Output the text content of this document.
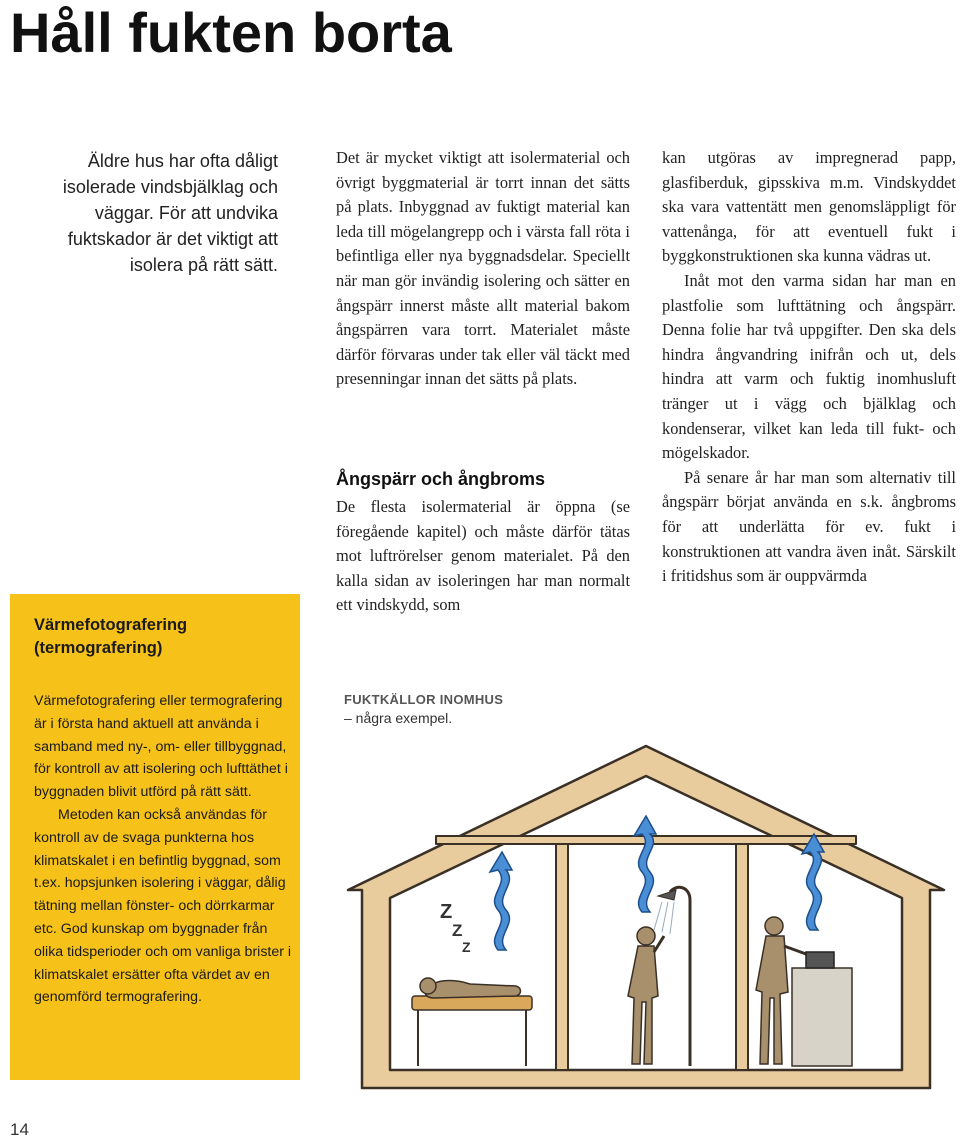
Håll fukten borta

Äldre hus har ofta dåligt isolerade vindsbjälklag och väggar. För att undvika fuktskador är det viktigt att isolera på rätt sätt.

Det är mycket viktigt att isolermaterial och övrigt byggmaterial är torrt innan det sätts på plats. Inbyggnad av fuktigt material kan leda till mögelangrepp och i värsta fall röta i befintliga eller nya byggnadsdelar. Speciellt när man gör invändig isolering och sätter en ångspärr innerst måste allt material bakom ångspärren vara torrt. Materialet måste därför förvaras under tak eller väl täckt med presenningar innan det sätts på plats.

Ångspärr och ångbroms

De flesta isolermaterial är öppna (se föregående kapitel) och måste därför tätas mot luftrörelser genom materialet. På den kalla sidan av isoleringen har man normalt ett vindskydd, som

kan utgöras av impregnerad papp, glasfiberduk, gipsskiva m.m. Vindskyddet ska vara vattentätt men genomsläppligt för vattenånga, för att eventuell fukt i byggkonstruktionen ska kunna vädras ut.

Inåt mot den varma sidan har man en plastfolie som lufttätning och ångspärr. Denna folie har två uppgifter. Den ska dels hindra ångvandring inifrån och ut, dels hindra att varm och fuktig inomhusluft tränger ut i vägg och bjälklag och kondenserar, vilket kan leda till fukt- och mögelskador.

På senare år har man som alternativ till ångspärr börjat använda en s.k. ångbroms för att underlätta för ev. fukt i konstruktionen att vandra även inåt. Särskilt i fritidshus som är ouppvärmda

Värmefotografering
(termografering)

Värmefotografering eller termografering är i första hand aktuell att använda i samband med ny-, om- eller tillbyggnad, för kontroll av att isolering och lufttäthet i byggnaden blivit utförd på rätt sätt.

Metoden kan också användas för kontroll av de svaga punkterna hos klimatskalet i en befintlig byggnad, som t.ex. hopsjunken isolering i väggar, dålig tätning mellan fönster- och dörrkarmar etc. God kunskap om byggnader från olika tidsperioder och om vanliga brister i klimatskalet ersätter ofta värdet av en genomförd termografering.

FUKTKÄLLOR INOMHUS

– några exempel.

Z
Z
Z

14
